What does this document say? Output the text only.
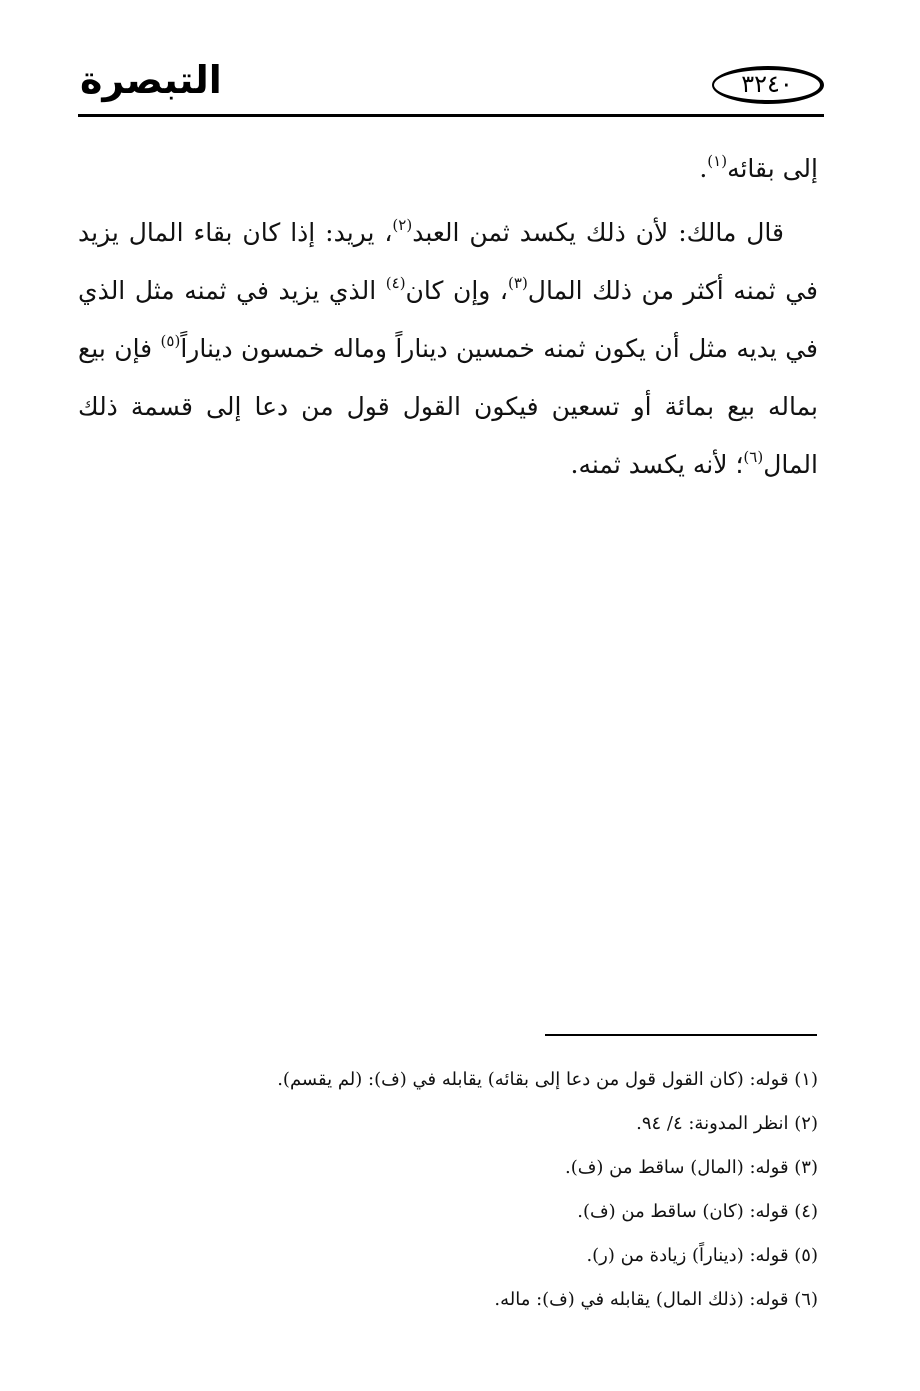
التبصرة	٣٢٤٠

إلى بقائه$^{(١)}$.

قال مالك: لأن ذلك يكسد ثمن العبد$^{(٢)}$، يريد: إذا كان بقاء المال يزيد في ثمنه أكثر من ذلك المال$^{(٣)}$، وإن كان$^{(٤)}$ الذي يزيد في ثمنه مثل الذي في يديه مثل أن يكون ثمنه خمسين ديناراً وماله خمسون ديناراً$^{(٥)}$ فإن بيع بماله بيع بمائة أو تسعين فيكون القول قول من دعا إلى قسمة ذلك المال$^{(٦)}$؛ لأنه يكسد ثمنه.

(١) قوله: (كان القول قول من دعا إلى بقائه) يقابله في (ف): (لم يقسم).
(٢) انظر المدونة: ٤/ ٩٤.
(٣) قوله: (المال) ساقط من (ف).
(٤) قوله: (كان) ساقط من (ف).
(٥) قوله: (ديناراً) زيادة من (ر).
(٦) قوله: (ذلك المال) يقابله في (ف): ماله.
